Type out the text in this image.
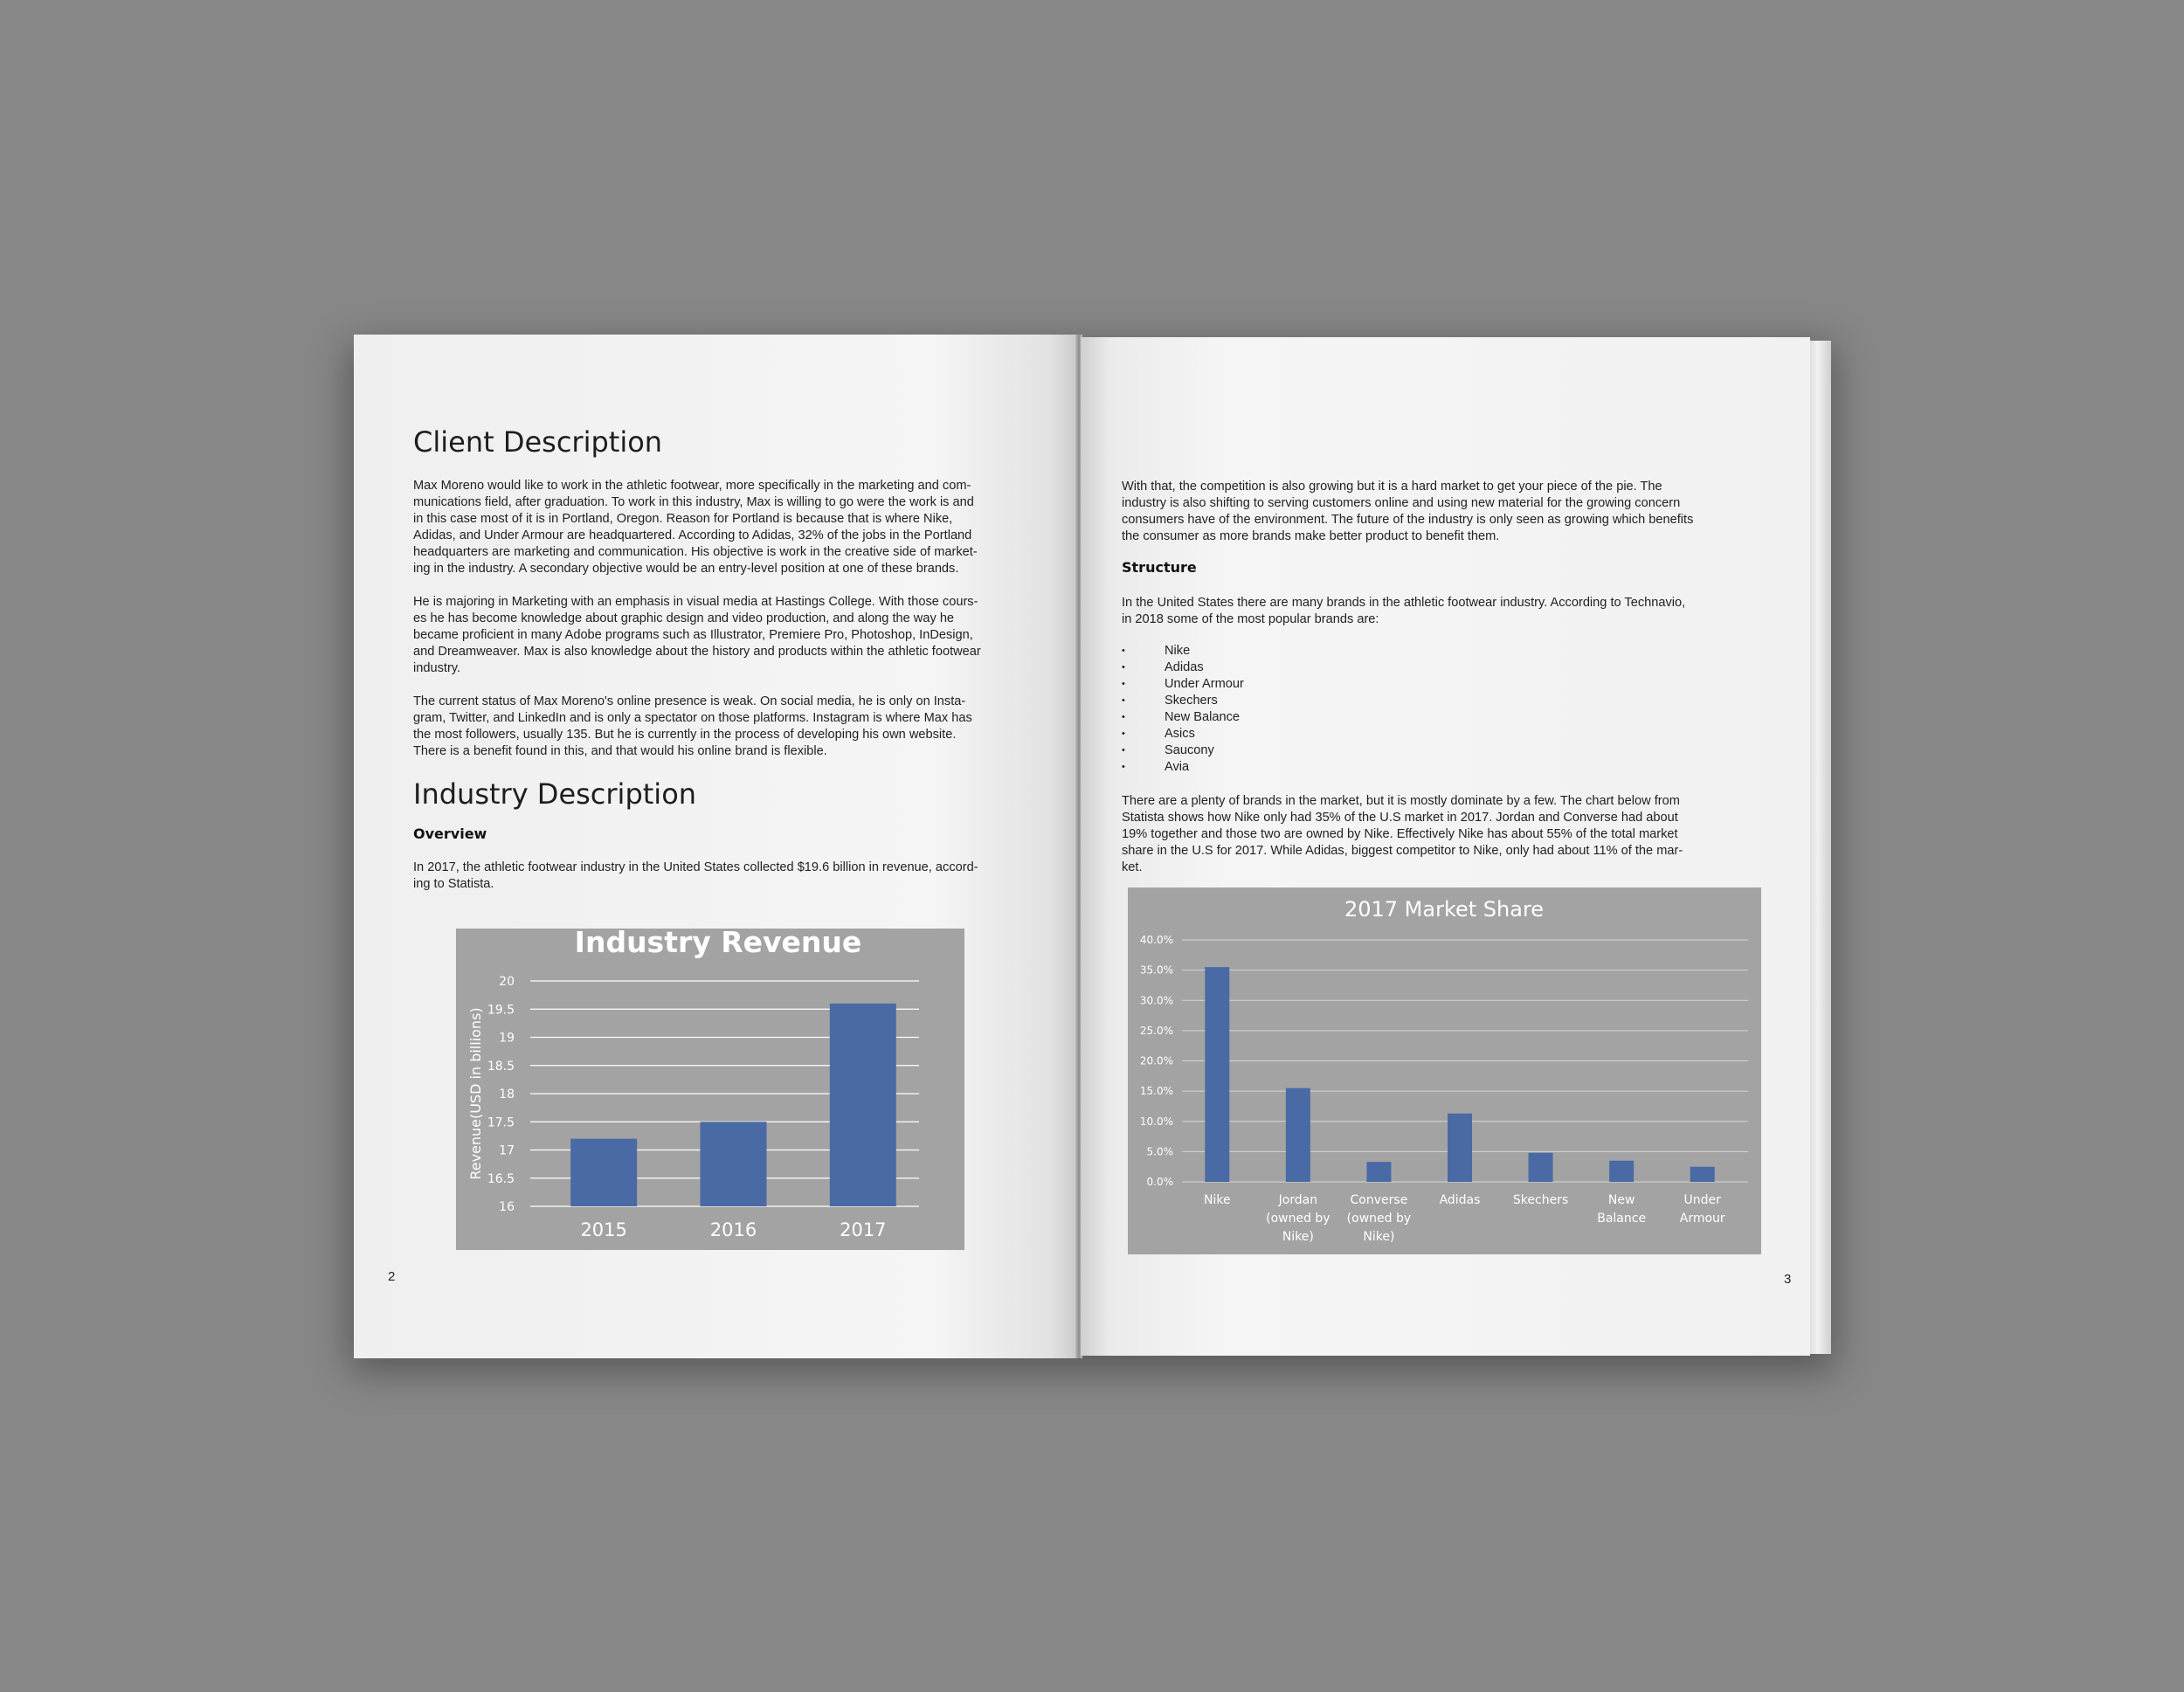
Client Description
Max Moreno would like to work in the athletic footwear, more specifically in the marketing and com-
munications field, after graduation. To work in this industry, Max is willing to go were the work is and
in this case most of it is in Portland, Oregon. Reason for Portland is because that is where Nike,
Adidas, and Under Armour are headquartered. According to Adidas, 32% of the jobs in the Portland
headquarters are marketing and communication. His objective is work in the creative side of market-
ing in the industry. A secondary objective would be an entry-level position at one of these brands.
He is majoring in Marketing with an emphasis in visual media at Hastings College. With those cours-
es he has become knowledge about graphic design and video production, and along the way he
became proficient in many Adobe programs such as Illustrator, Premiere Pro, Photoshop, InDesign,
and Dreamweaver. Max is also knowledge about the history and products within the athletic footwear
industry.
The current status of Max Moreno's online presence is weak. On social media, he is only on Insta-
gram, Twitter, and LinkedIn and is only a spectator on those platforms. Instagram is where Max has
the most followers, usually 135. But he is currently in the process of developing his own website.
There is a benefit found in this, and that would his online brand is flexible.
Industry Description
Overview
In 2017, the athletic footwear industry in the United States collected $19.6 billion in revenue, accord-
ing to Statista.
Industry Revenue
16
16.5
17
17.5
18
18.5
19
19.5
20
Revenue(USD in billions)
2015	2016	2017
2
With that, the competition is also growing but it is a hard market to get your piece of the pie. The
industry is also shifting to serving customers online and using new material for the growing concern
consumers have of the environment. The future of the industry is only seen as growing which benefits
the consumer as more brands make better product to benefit them.
Structure
In the United States there are many brands in the athletic footwear industry. According to Technavio,
in 2018 some of the most popular brands are:
• Nike
• Adidas
• Under Armour
• Skechers
• New Balance
• Asics
• Saucony
• Avia
There are a plenty of brands in the market, but it is mostly dominate by a few. The chart below from
Statista shows how Nike only had 35% of the U.S market in 2017. Jordan and Converse had about
19% together and those two are owned by Nike. Effectively Nike has about 55% of the total market
share in the U.S for 2017. While Adidas, biggest competitor to Nike, only had about 11% of the mar-
ket.
2017 Market Share
0.0%
5.0%
10.0%
15.0%
20.0%
25.0%
30.0%
35.0%
40.0%
Nike	Jordan
(owned by
Nike)
Converse
(owned by
Nike)
Adidas	Skechers	New
Balance
Under
Armour
3
